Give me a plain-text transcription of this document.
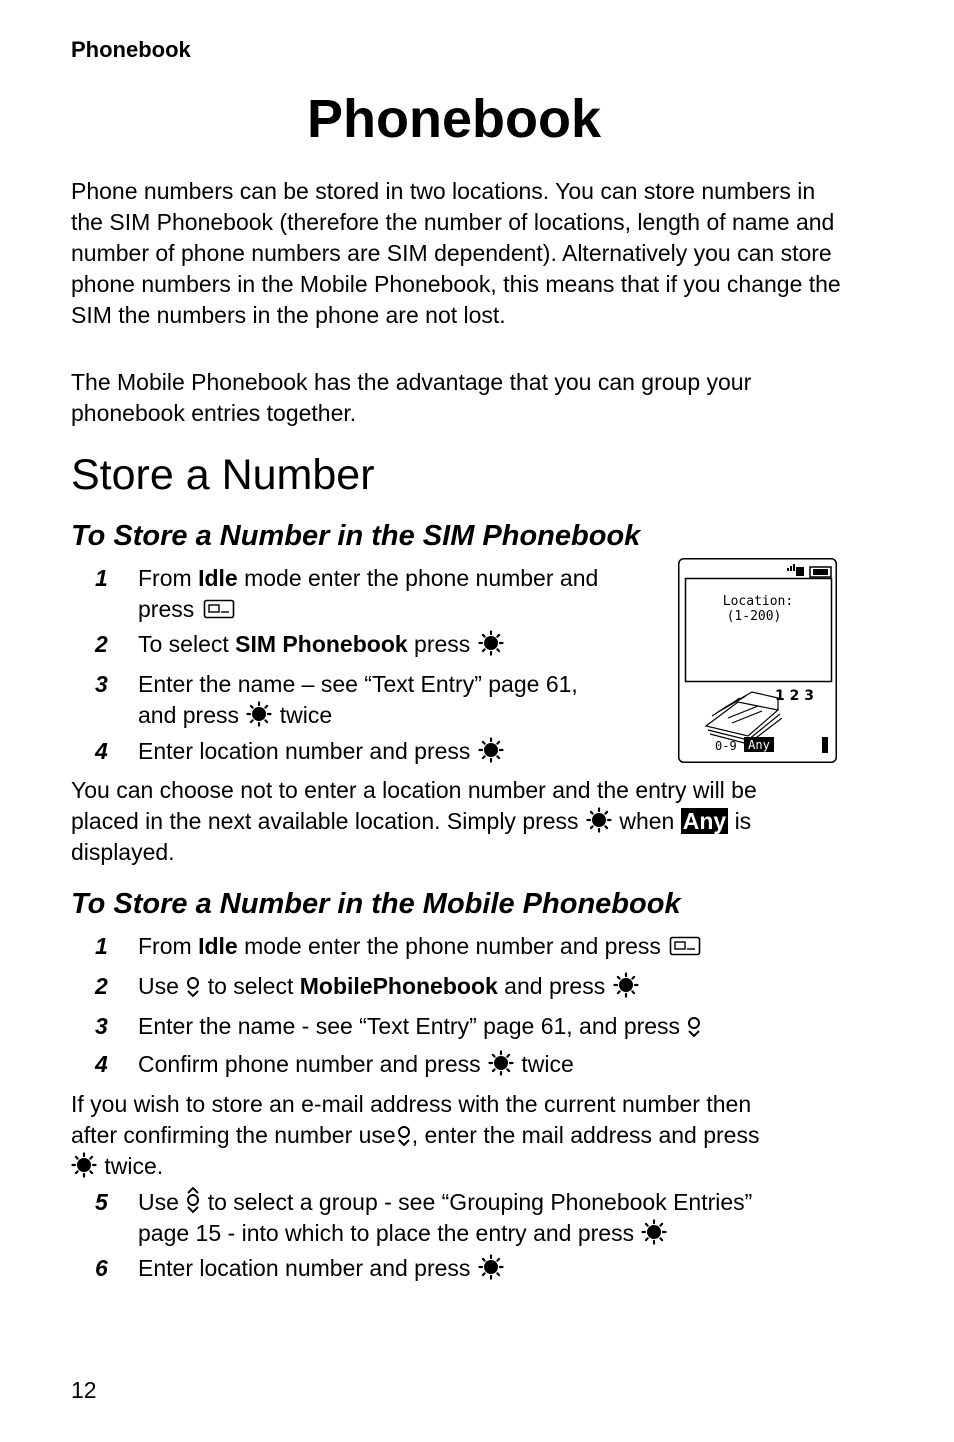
Phonebook
Phonebook

Phone numbers can be stored in two locations. You can store numbers in the SIM Phonebook (therefore the number of locations, length of name and number of phone numbers are SIM dependent). Alternatively you can store phone numbers in the Mobile Phonebook, this means that if you change the SIM the numbers in the phone are not lost.

The Mobile Phonebook has the advantage that you can group your phonebook entries together.

Store a Number
To Store a Number in the SIM Phonebook
1 From Idle mode enter the phone number and
press
2 To select SIM Phonebook press
3 Enter the name – see “Text Entry” page 61,
and press twice
4 Enter location number and press
Location:
(1-200)
1 2 3
0-9 Any

You can choose not to enter a location number and the entry will be
placed in the next available location. Simply press when Any is
displayed.

To Store a Number in the Mobile Phonebook
1 From Idle mode enter the phone number and press
2 Use to select MobilePhonebook and press
3 Enter the name - see “Text Entry” page 61, and press
4 Confirm phone number and press twice

If you wish to store an e-mail address with the current number then
after confirming the number use , enter the mail address and press
twice.

5 Use to select a group - see “Grouping Phonebook Entries”
page 15 - into which to place the entry and press
6 Enter location number and press
12
